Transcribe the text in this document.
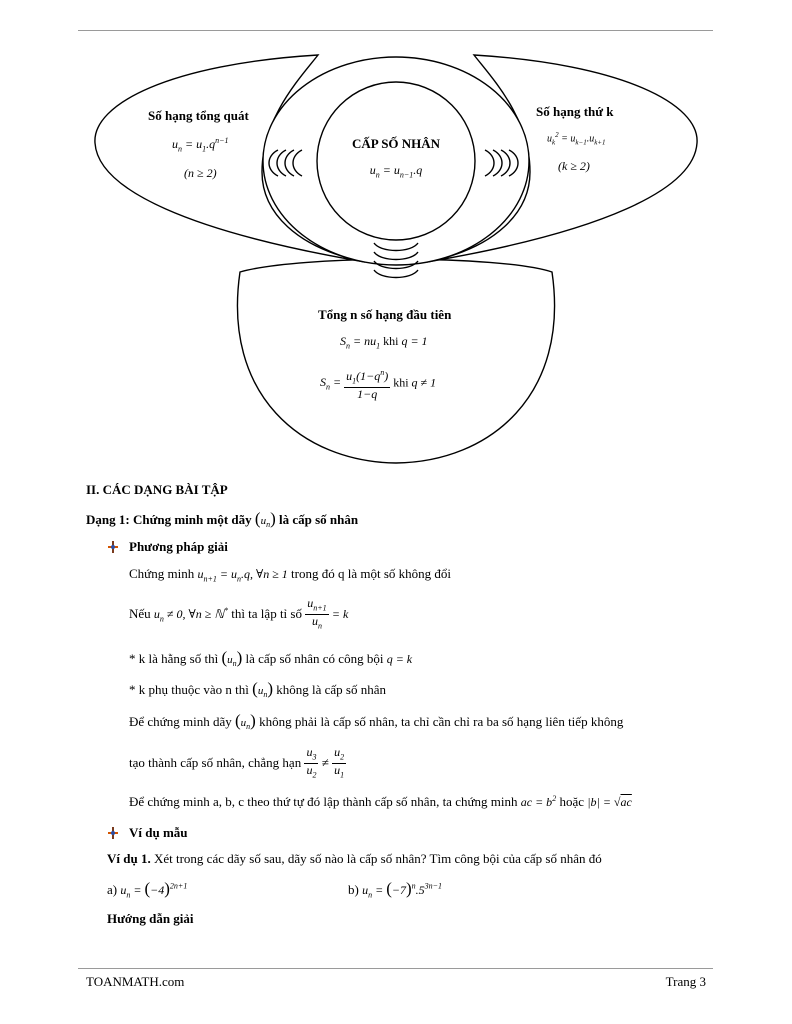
CẤP SỐ NHÂN
$u_n = u_{n-1}.q$
Số hạng tổng quát
$u_n = u_1.q^{n-1}$
(n ≥ 2)
Số hạng thứ k
$u_k^2 = u_{k-1}.u_{k+1}$
(k ≥ 2)
Tổng n số hạng đầu tiên
$S_n = nu_1$ khi q = 1
$S_n = \frac{u_1(1-q^n)}{1-q}$ khi q ≠ 1
II. CÁC DẠNG BÀI TẬP
Dạng 1: Chứng minh một dãy $(u_n)$ là cấp số nhân
Phương pháp giải
Chứng minh $u_{n+1} = u_n.q$, ∀n ≥ 1 trong đó q là một số không đổi
Nếu $u_n \ne 0$, ∀n ≥ ℕ* thì ta lập tỉ số $\frac{u_{n+1}}{u_n} = k$
* k là hằng số thì $(u_n)$ là cấp số nhân có công bội q = k
* k phụ thuộc vào n thì $(u_n)$ không là cấp số nhân
Để chứng minh dãy $(u_n)$ không phải là cấp số nhân, ta chỉ cần chỉ ra ba số hạng liên tiếp không
tạo thành cấp số nhân, chẳng hạn $\frac{u_3}{u_2} \ne \frac{u_2}{u_1}$
Để chứng minh a, b, c theo thứ tự đó lập thành cấp số nhân, ta chứng minh ac = $b^2$ hoặc |b| = √ac
Ví dụ mẫu
Ví dụ 1. Xét trong các dãy số sau, dãy số nào là cấp số nhân? Tìm công bội của cấp số nhân đó
a) $u_n = (-4)^{2n+1}$	b) $u_n = (-7)^n.5^{3n-1}$
Hướng dẫn giải
TOANMATH.com	Trang 3
